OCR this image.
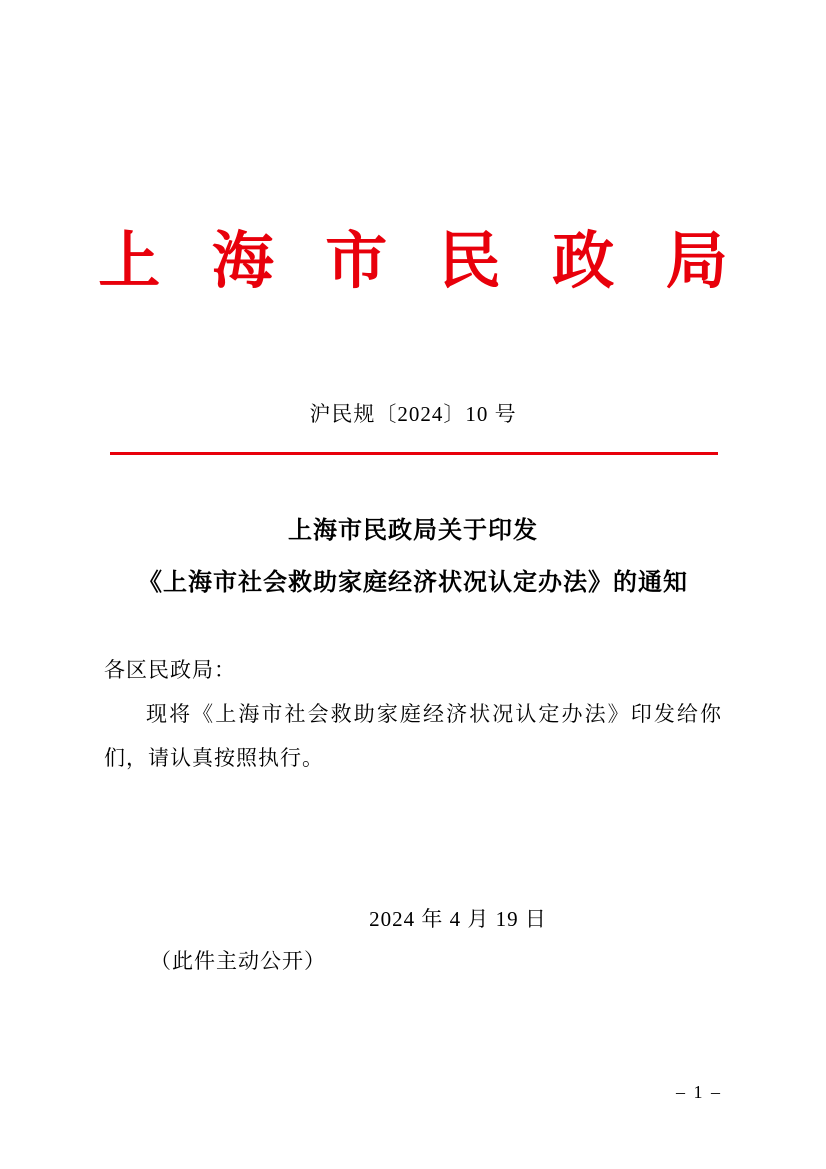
上 海 市 民 政 局
沪民规〔2024〕10 号
上海市民政局关于印发
《上海市社会救助家庭经济状况认定办法》的通知
各区民政局：
现将《上海市社会救助家庭经济状况认定办法》印发给你们，请认真按照执行。
2024 年 4 月 19 日
（此件主动公开）
– 1 –
